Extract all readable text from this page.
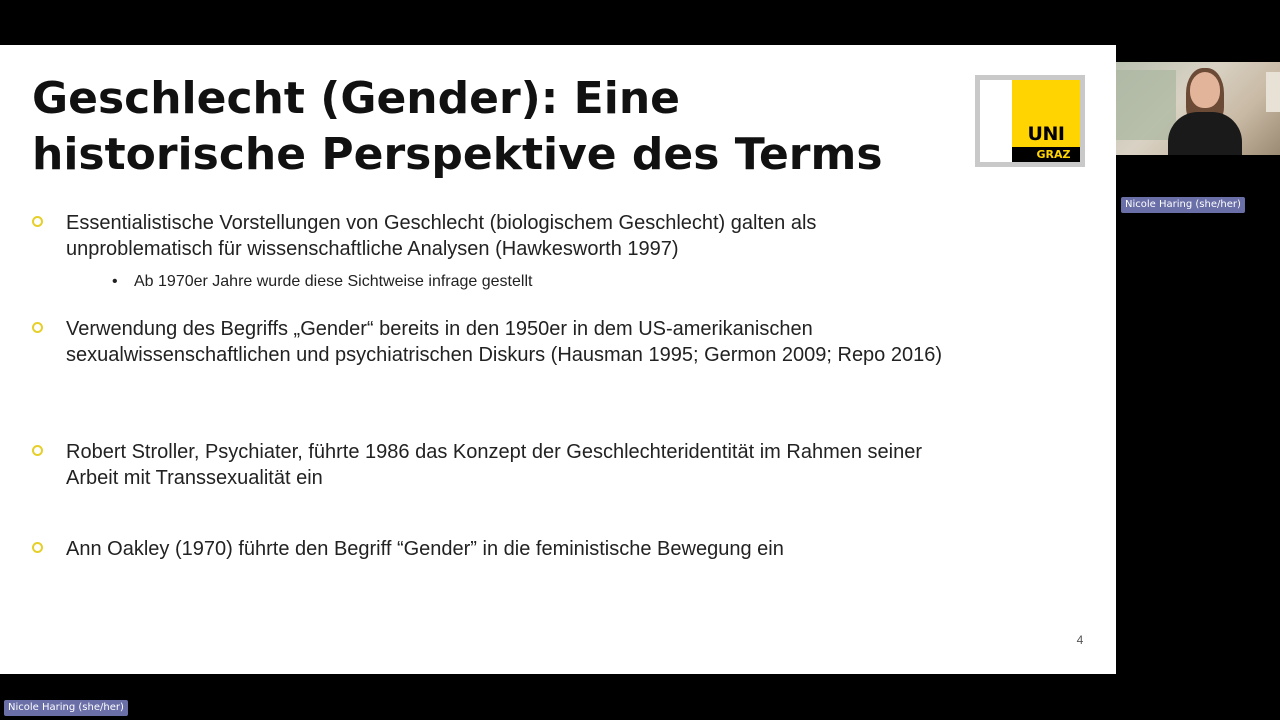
Geschlecht (Gender): Eine historische Perspektive des Terms	UNI
GRAZ
Essentialistische Vorstellungen von Geschlecht (biologischem Geschlecht) galten als unproblematisch für wissenschaftliche Analysen (Hawkesworth 1997)
• Ab 1970er Jahre wurde diese Sichtweise infrage gestellt
Verwendung des Begriffs „Gender“ bereits in den 1950er in dem US-amerikanischen sexualwissenschaftlichen und psychiatrischen Diskurs (Hausman 1995; Germon 2009; Repo 2016)
Robert Stroller, Psychiater, führte 1986 das Konzept der Geschlechteridentität im Rahmen seiner Arbeit mit Transsexualität ein
Ann Oakley (1970) führte den Begriff “Gender” in die feministische Bewegung ein
4
Nicole Haring (she/her)
Nicole Haring (she/her)
